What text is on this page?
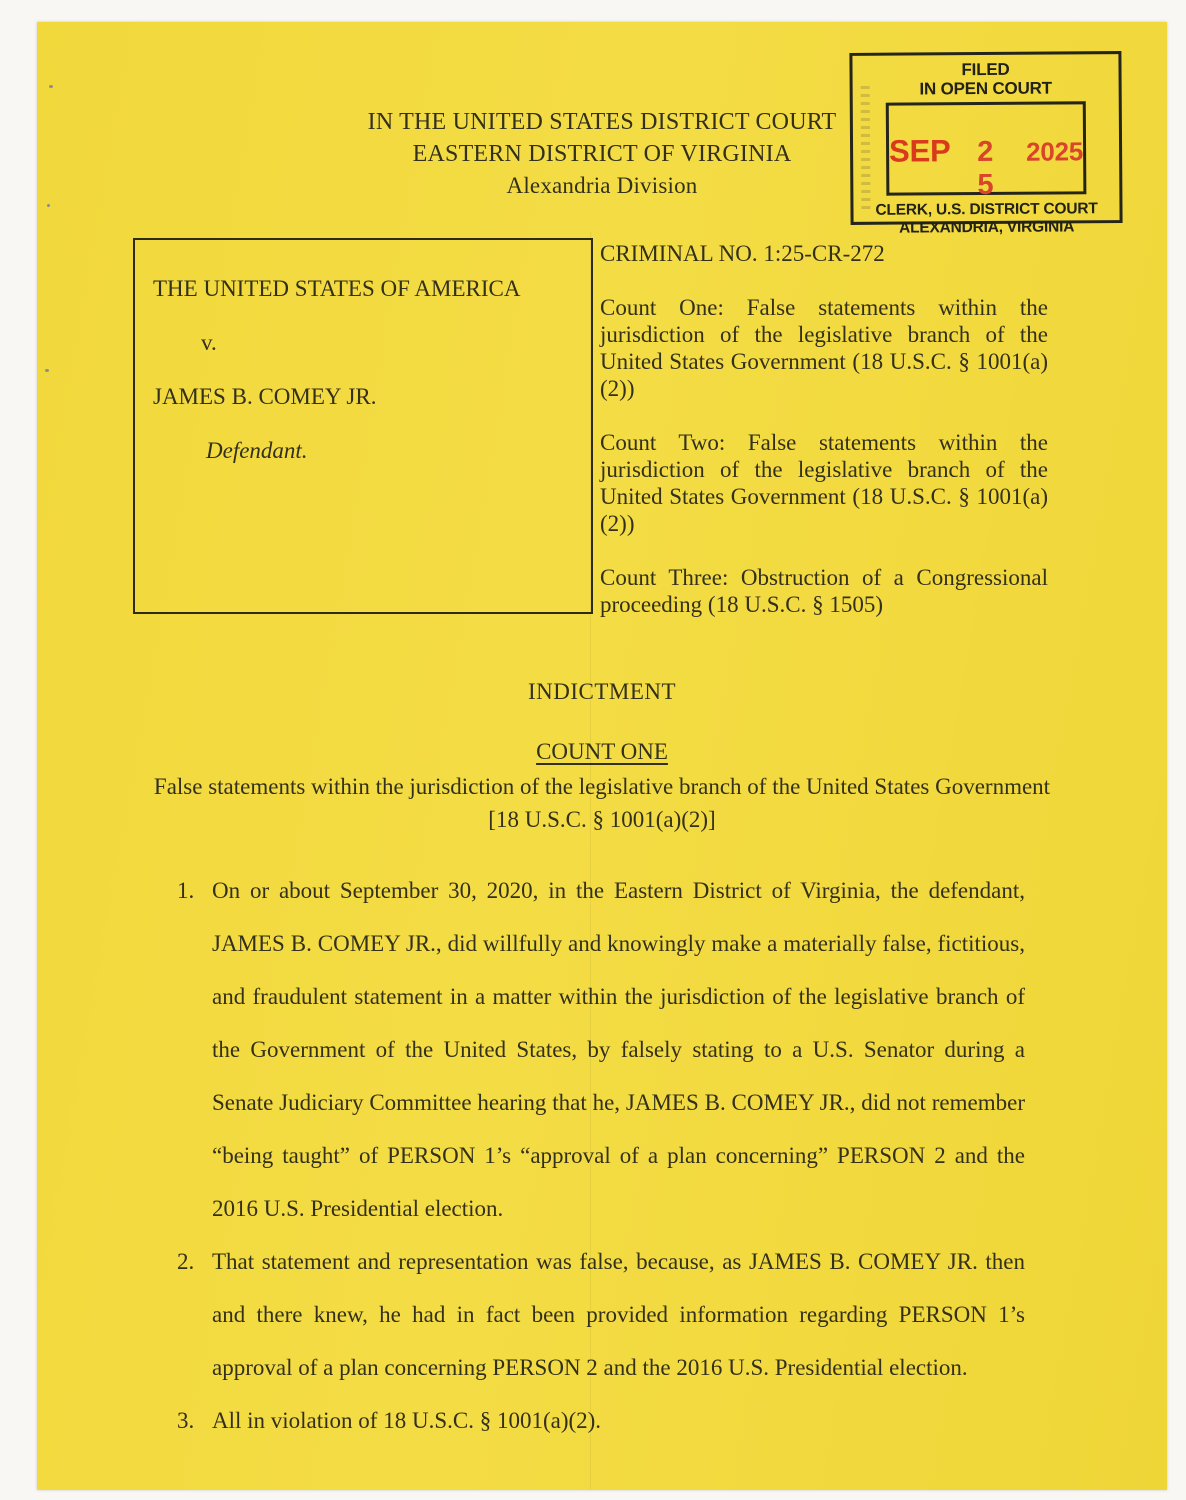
IN THE UNITED STATES DISTRICT COURT
EASTERN DISTRICT OF VIRGINIA
Alexandria Division
FILED
IN OPEN COURT
SEP 2 5
2025
CLERK, U.S. DISTRICT COURT
ALEXANDRIA, VIRGINIA
THE UNITED STATES OF AMERICA
v.
JAMES B. COMEY JR.
Defendant.
CRIMINAL NO. 1:25-CR-272
Count One: False statements within the jurisdiction of the legislative branch of the United States Government (18 U.S.C. § 1001(a)(2))
Count Two: False statements within the jurisdiction of the legislative branch of the United States Government (18 U.S.C. § 1001(a)(2))
Count Three: Obstruction of a Congressional proceeding (18 U.S.C. § 1505)
INDICTMENT
COUNT ONE
False statements within the jurisdiction of the legislative branch of the United States Government
[18 U.S.C. § 1001(a)(2)]
1. On or about September 30, 2020, in the Eastern District of Virginia, the defendant, JAMES B. COMEY JR., did willfully and knowingly make a materially false, fictitious, and fraudulent statement in a matter within the jurisdiction of the legislative branch of the Government of the United States, by falsely stating to a U.S. Senator during a Senate Judiciary Committee hearing that he, JAMES B. COMEY JR., did not remember “being taught” of PERSON 1’s “approval of a plan concerning” PERSON 2 and the 2016 U.S. Presidential election.
2. That statement and representation was false, because, as JAMES B. COMEY JR. then and there knew, he had in fact been provided information regarding PERSON 1’s approval of a plan concerning PERSON 2 and the 2016 U.S. Presidential election.
3. All in violation of 18 U.S.C. § 1001(a)(2).
